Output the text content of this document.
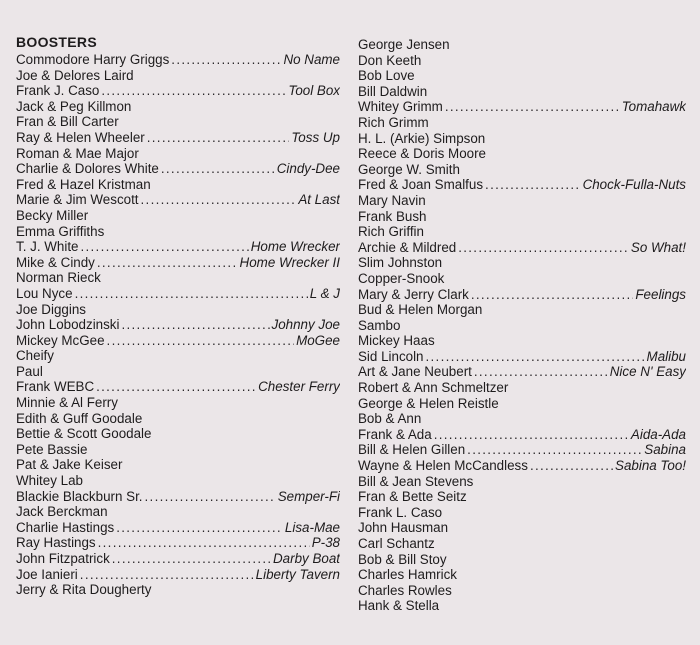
BOOSTERS
Commodore Harry Griggs .....	No Name
Joe & Delores Laird
Frank J. Caso .....	Tool Box
Jack & Peg Killmon
Fran & Bill Carter
Ray & Helen Wheeler .....	Toss Up
Roman & Mae Major
Charlie & Dolores White .....	Cindy-Dee
Fred & Hazel Kristman
Marie & Jim Wescott .....	At Last
Becky Miller
Emma Griffiths
T. J. White .....	Home Wrecker
Mike & Cindy .....	Home Wrecker II
Norman Rieck
Lou Nyce .....	L & J
Joe Diggins
John Lobodzinski .....	Johnny Joe
Mickey McGee .....	MoGee
Cheify
Paul
Frank WEBC .....	Chester Ferry
Minnie & Al Ferry
Edith & Guff Goodale
Bettie & Scott Goodale
Pete Bassie
Pat & Jake Keiser
Whitey Lab
Blackie Blackburn Sr. .....	Semper-Fi
Jack Berckman
Charlie Hastings .....	Lisa-Mae
Ray Hastings .....	P-38
John Fitzpatrick .....	Darby Boat
Joe Ianieri .....	Liberty Tavern
Jerry & Rita Dougherty
George Jensen
Don Keeth
Bob Love
Bill Daldwin
Whitey Grimm .....	Tomahawk
Rich Grimm
H. L. (Arkie) Simpson
Reece & Doris Moore
George W. Smith
Fred & Joan Smalfus .....	Chock-Fulla-Nuts
Mary Navin
Frank Bush
Rich Griffin
Archie & Mildred .....	So What!
Slim Johnston
Copper-Snook
Mary & Jerry Clark .....	Feelings
Bud & Helen Morgan
Sambo
Mickey Haas
Sid Lincoln .....	Malibu
Art & Jane Neubert .....	Nice N' Easy
Robert & Ann Schmeltzer
George & Helen Reistle
Bob & Ann
Frank & Ada .....	Aida-Ada
Bill & Helen Gillen .....	Sabina
Wayne & Helen McCandless .....	Sabina Too!
Bill & Jean Stevens
Fran & Bette Seitz
Frank L. Caso
John Hausman
Carl Schantz
Bob & Bill Stoy
Charles Hamrick
Charles Rowles
Hank & Stella
